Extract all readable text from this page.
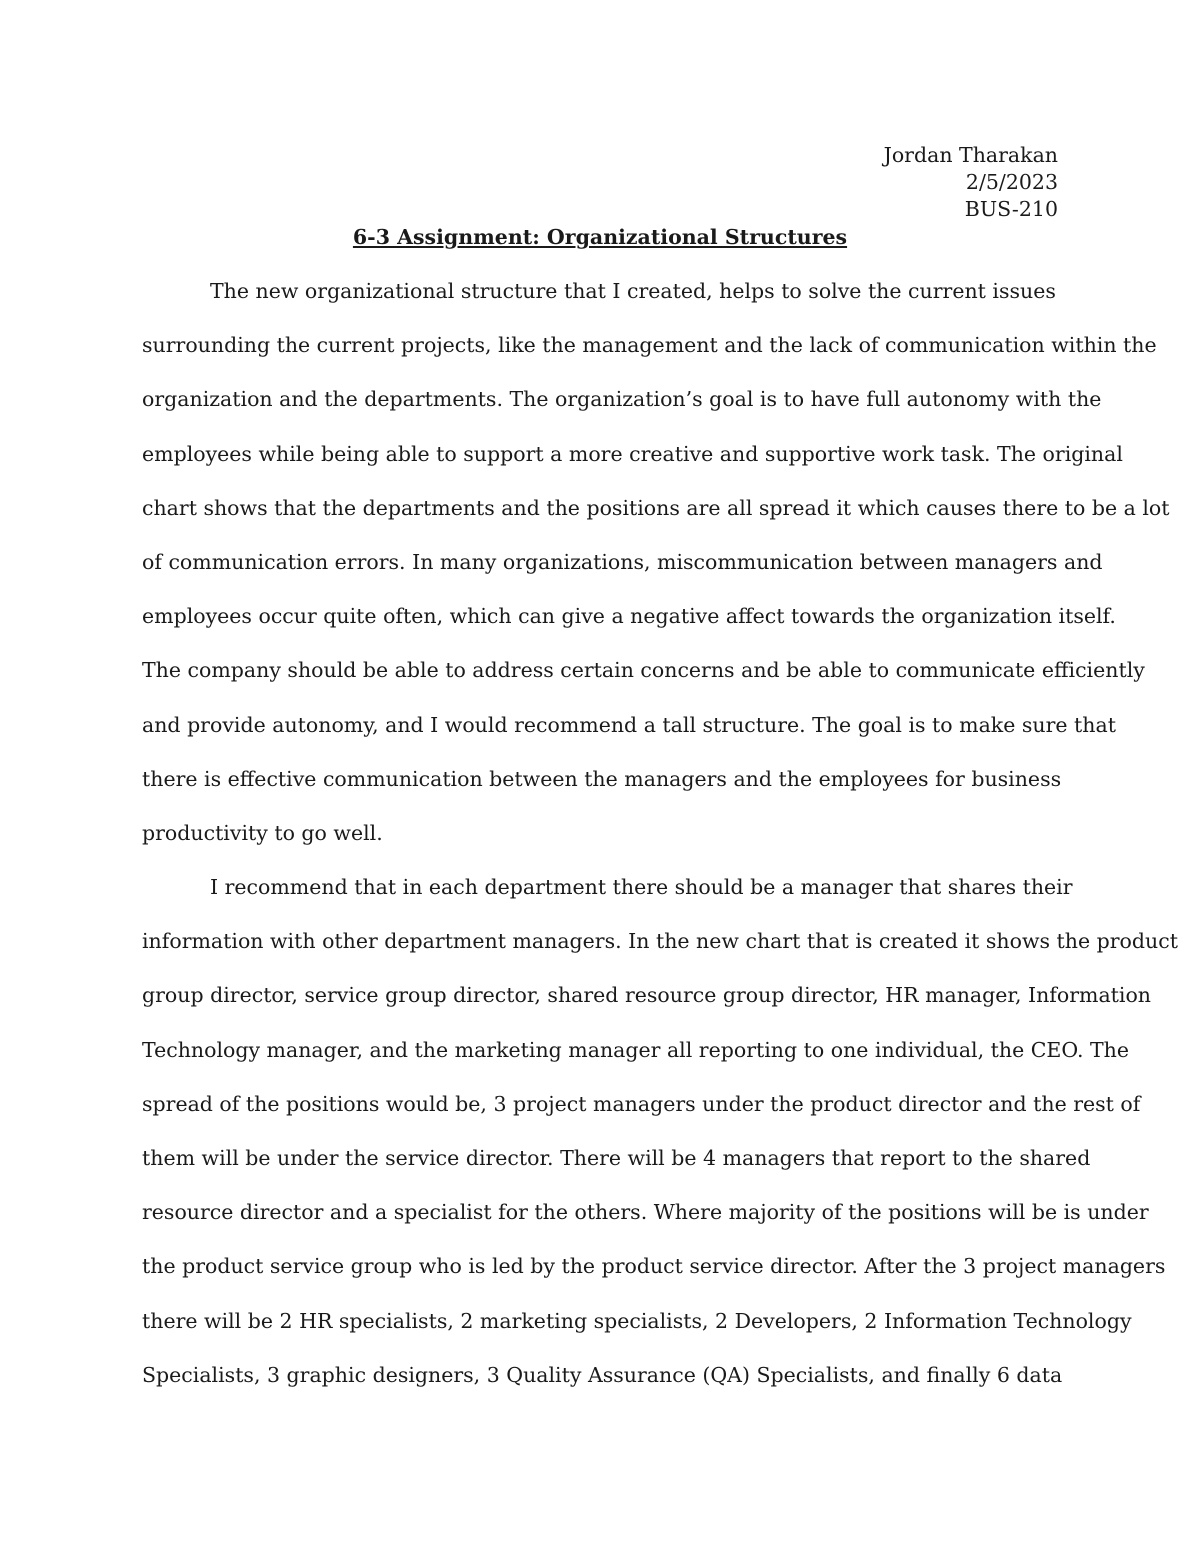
Jordan Tharakan
2/5/2023
BUS-210
6-3 Assignment: Organizational Structures
The new organizational structure that I created, helps to solve the current issues
surrounding the current projects, like the management and the lack of communication within the
organization and the departments. The organization’s goal is to have full autonomy with the
employees while being able to support a more creative and supportive work task. The original
chart shows that the departments and the positions are all spread it which causes there to be a lot
of communication errors. In many organizations, miscommunication between managers and
employees occur quite often, which can give a negative affect towards the organization itself.
The company should be able to address certain concerns and be able to communicate efficiently
and provide autonomy, and I would recommend a tall structure. The goal is to make sure that
there is effective communication between the managers and the employees for business
productivity to go well.
I recommend that in each department there should be a manager that shares their
information with other department managers. In the new chart that is created it shows the product
group director, service group director, shared resource group director, HR manager, Information
Technology manager, and the marketing manager all reporting to one individual, the CEO. The
spread of the positions would be, 3 project managers under the product director and the rest of
them will be under the service director. There will be 4 managers that report to the shared
resource director and a specialist for the others. Where majority of the positions will be is under
the product service group who is led by the product service director. After the 3 project managers
there will be 2 HR specialists, 2 marketing specialists, 2 Developers, 2 Information Technology
Specialists, 3 graphic designers, 3 Quality Assurance (QA) Specialists, and finally 6 data
